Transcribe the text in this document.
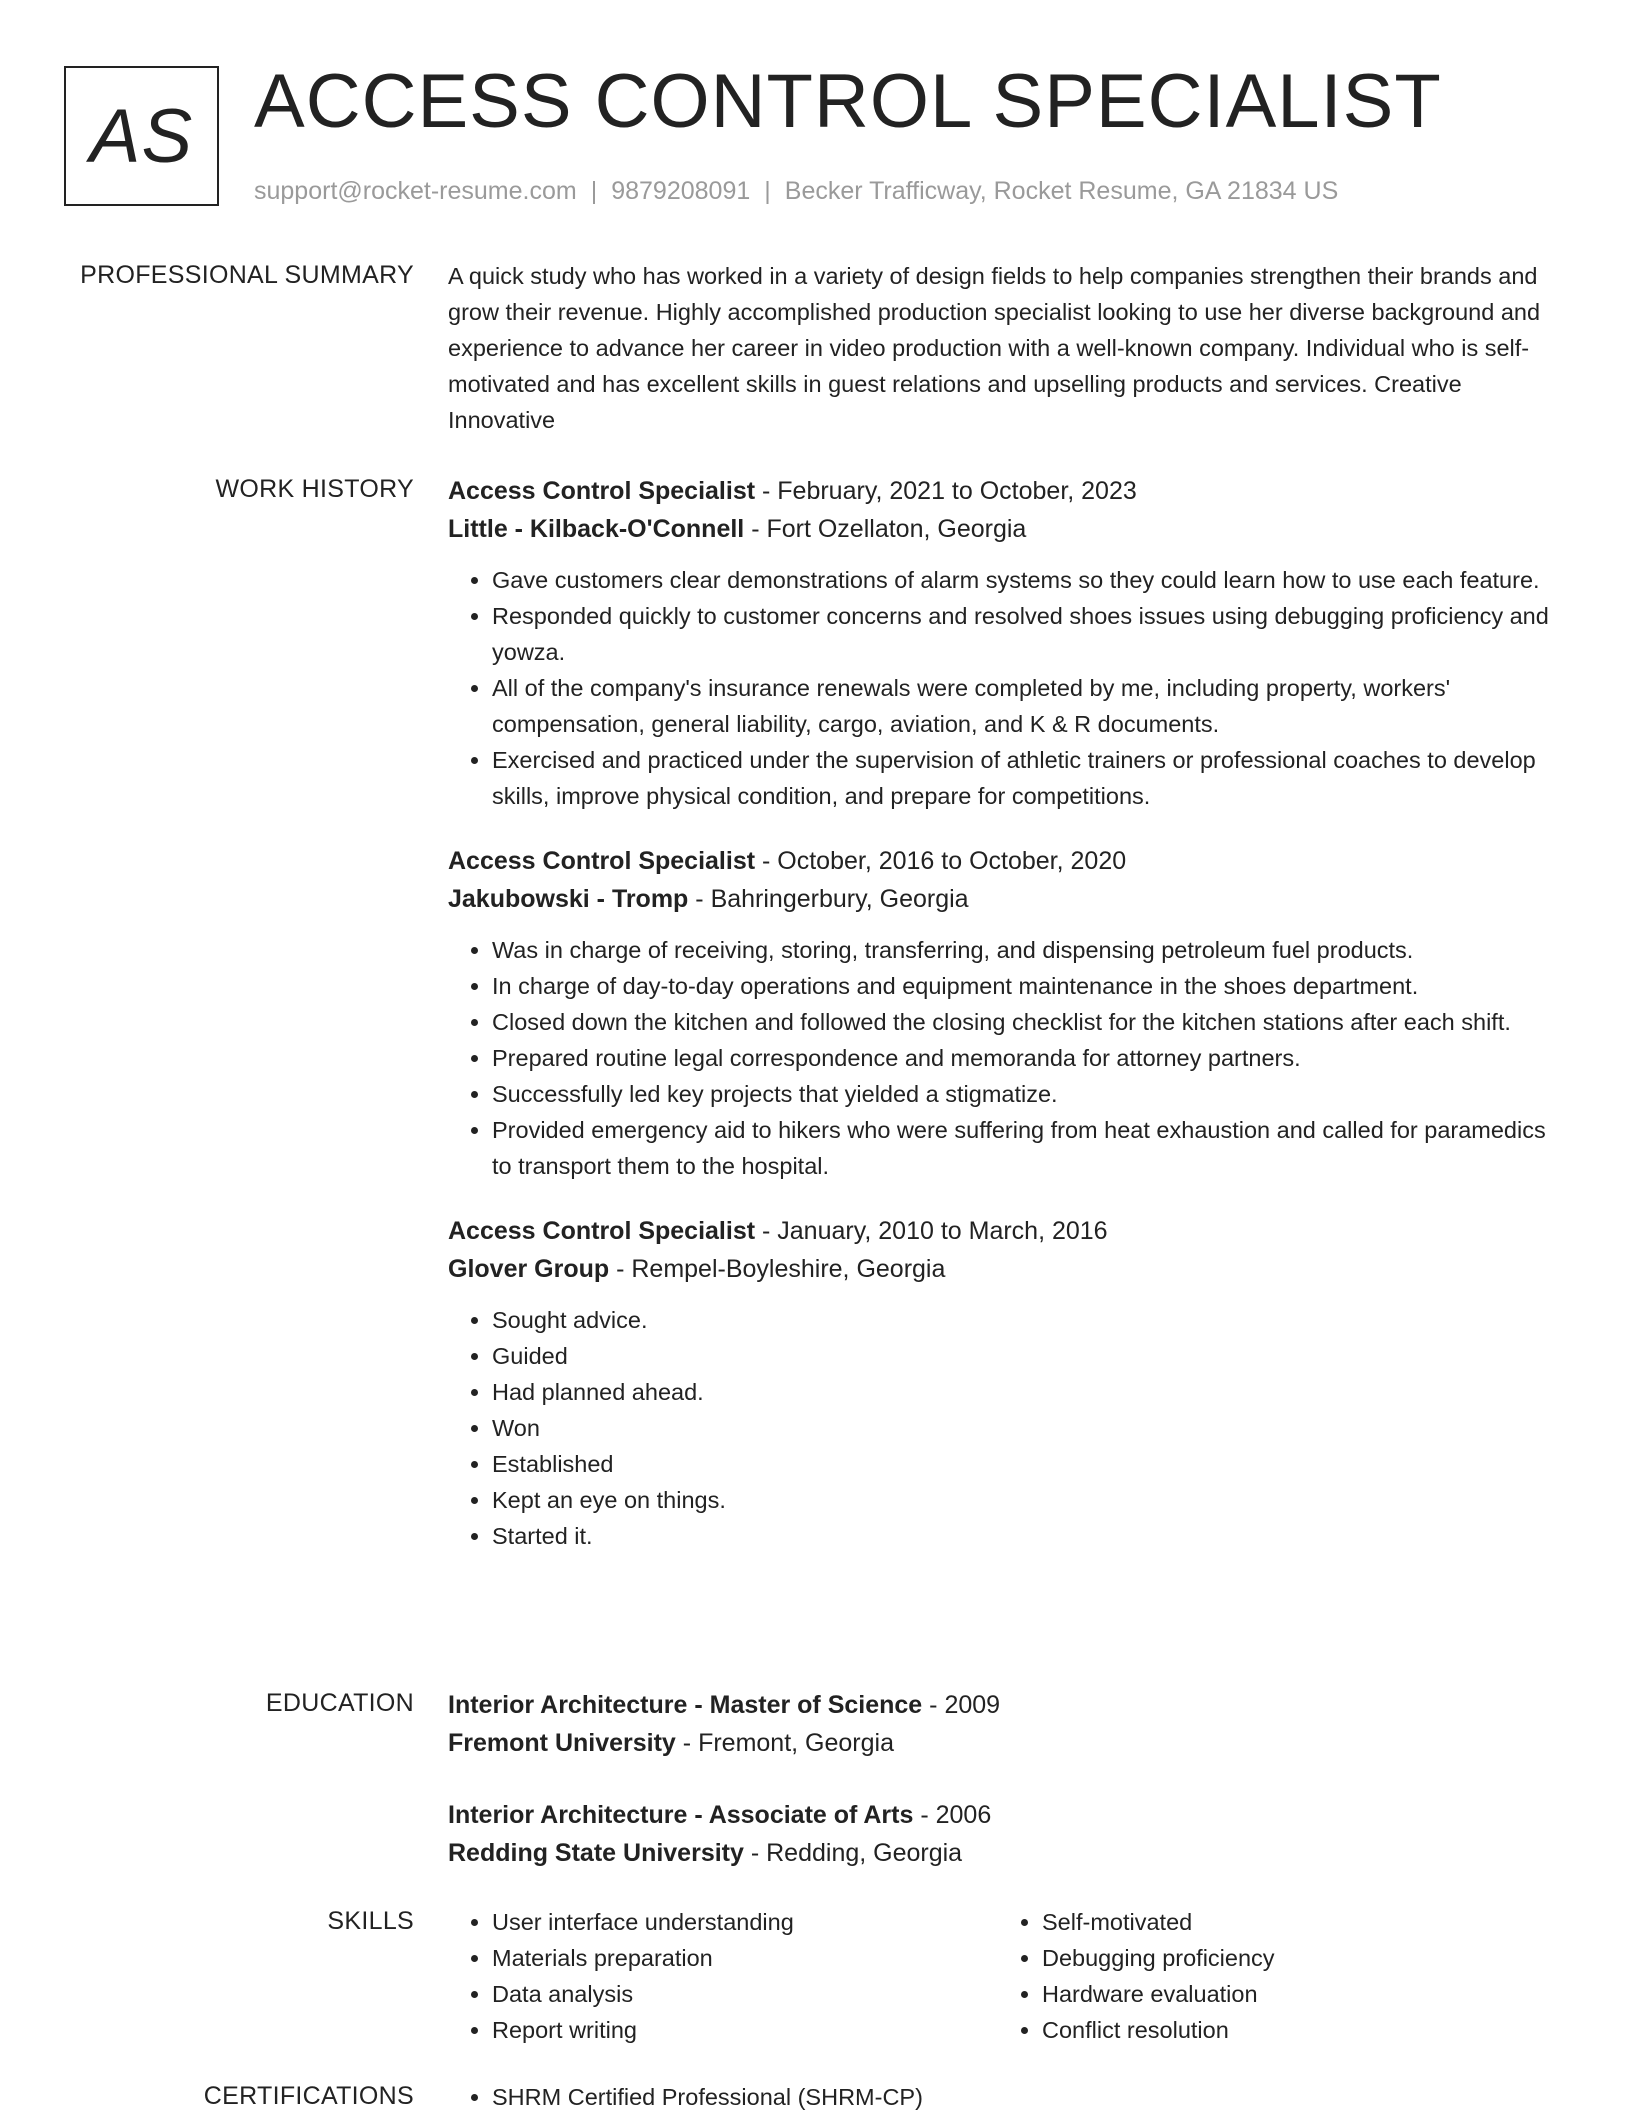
AS ACCESS CONTROL SPECIALIST
support@rocket-resume.com | 9879208091 | Becker Trafficway, Rocket Resume, GA 21834 US
PROFESSIONAL SUMMARY A quick study who has worked in a variety of design fields to help companies strengthen their brands and grow their revenue. Highly accomplished production specialist looking to use her diverse background and experience to advance her career in video production with a well-known company. Individual who is self-motivated and has excellent skills in guest relations and upselling products and services. Creative Innovative

WORK HISTORY Access Control Specialist - February, 2021 to October, 2023
Little - Kilback-O'Connell - Fort Ozellaton, Georgia
• Gave customers clear demonstrations of alarm systems so they could learn how to use each feature.
• Responded quickly to customer concerns and resolved shoes issues using debugging proficiency and yowza.
• All of the company's insurance renewals were completed by me, including property, workers' compensation, general liability, cargo, aviation, and K & R documents.
• Exercised and practiced under the supervision of athletic trainers or professional coaches to develop skills, improve physical condition, and prepare for competitions.
Access Control Specialist - October, 2016 to October, 2020
Jakubowski - Tromp - Bahringerbury, Georgia
• Was in charge of receiving, storing, transferring, and dispensing petroleum fuel products.
• In charge of day-to-day operations and equipment maintenance in the shoes department.
• Closed down the kitchen and followed the closing checklist for the kitchen stations after each shift.
• Prepared routine legal correspondence and memoranda for attorney partners.
• Successfully led key projects that yielded a stigmatize.
• Provided emergency aid to hikers who were suffering from heat exhaustion and called for paramedics to transport them to the hospital.
Access Control Specialist - January, 2010 to March, 2016
Glover Group - Rempel-Boyleshire, Georgia
• Sought advice.
• Guided
• Had planned ahead.
• Won
• Established
• Kept an eye on things.
• Started it.
EDUCATION Interior Architecture - Master of Science - 2009
Fremont University - Fremont, Georgia
Interior Architecture - Associate of Arts - 2006
Redding State University - Redding, Georgia
SKILLS	• User interface understanding
• Materials preparation
• Data analysis
• Report writing
• Self-motivated
• Debugging proficiency
• Hardware evaluation
• Conflict resolution
CERTIFICATIONS	• SHRM Certified Professional (SHRM-CP)
